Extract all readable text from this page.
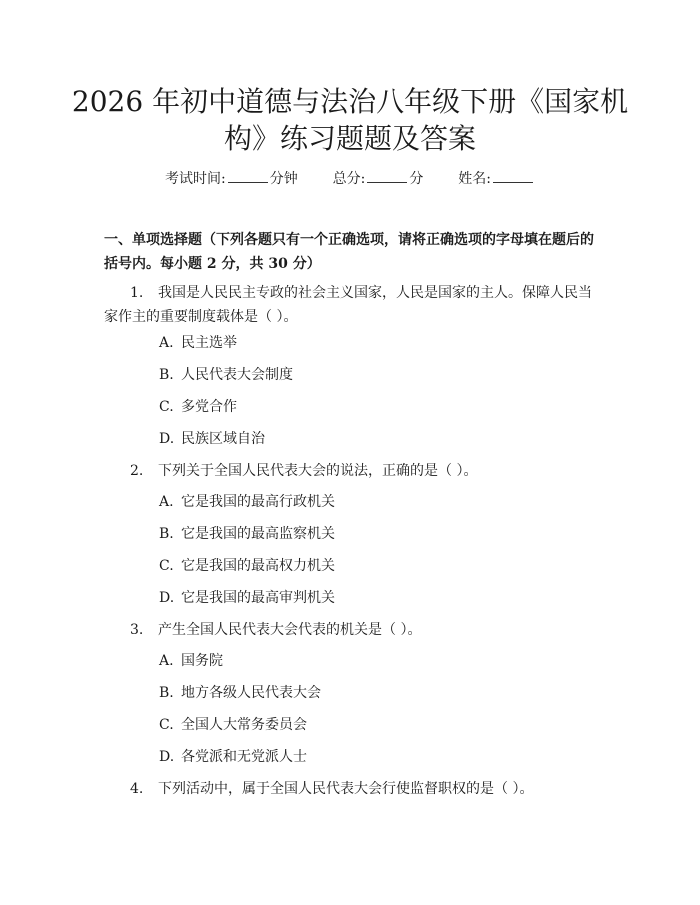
2026 年初中道德与法治八年级下册《国家机
构》练习题题及答案
考试时间:	分钟 总分:	分 姓名:
一、单项选择题（下列各题只有一个正确选项，请将正确选项的字母填在题后的括号内。每小题 2 分，共 30 分）
1. 我国是人民民主专政的社会主义国家，人民是国家的主人。保障人民当家作主的重要制度载体是（ ）。
A. 民主选举
B. 人民代表大会制度
C. 多党合作
D. 民族区域自治
2. 下列关于全国人民代表大会的说法，正确的是（ ）。
A. 它是我国的最高行政机关
B. 它是我国的最高监察机关
C. 它是我国的最高权力机关
D. 它是我国的最高审判机关
3. 产生全国人民代表大会代表的机关是（ ）。
A. 国务院
B. 地方各级人民代表大会
C. 全国人大常务委员会
D. 各党派和无党派人士
4. 下列活动中，属于全国人民代表大会行使监督职权的是（ ）。
